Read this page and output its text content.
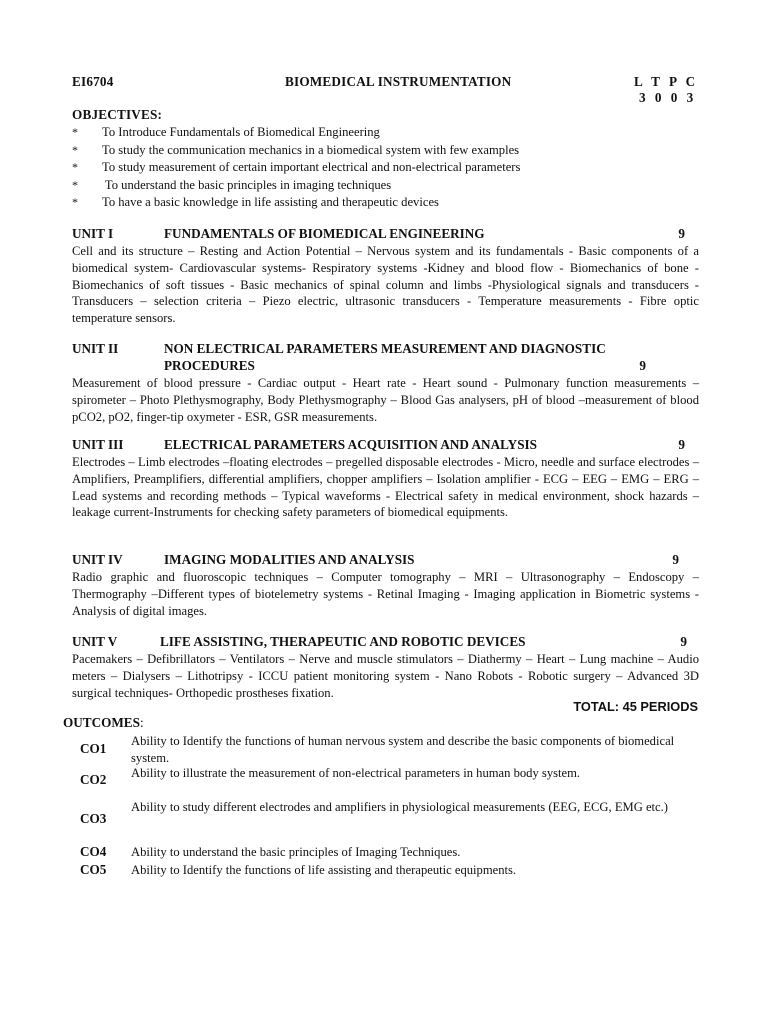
EI6704	BIOMEDICAL INSTRUMENTATION	L T P C
3 0 0 3
OBJECTIVES:
* To Introduce Fundamentals of Biomedical Engineering
* To study the communication mechanics in a biomedical system with few examples
* To study measurement of certain important electrical and non-electrical parameters
* To understand the basic principles in imaging techniques
* To have a basic knowledge in life assisting and therapeutic devices
UNIT I	FUNDAMENTALS OF BIOMEDICAL ENGINEERING	9

Cell and its structure – Resting and Action Potential – Nervous system and its fundamentals - Basic components of a biomedical system- Cardiovascular systems- Respiratory systems -Kidney and blood flow - Biomechanics of bone - Biomechanics of soft tissues - Basic mechanics of spinal column and limbs -Physiological signals and transducers - Transducers – selection criteria – Piezo electric, ultrasonic transducers - Temperature measurements - Fibre optic temperature sensors.

UNIT II	NON ELECTRICAL PARAMETERS MEASUREMENT AND DIAGNOSTIC
PROCEDURES	9

Measurement of blood pressure - Cardiac output - Heart rate - Heart sound - Pulmonary function measurements – spirometer – Photo Plethysmography, Body Plethysmography – Blood Gas analysers, pH of blood –measurement of blood pCO2, pO2, finger-tip oxymeter - ESR, GSR measurements.

UNIT III	ELECTRICAL PARAMETERS ACQUISITION AND ANALYSIS	9

Electrodes – Limb electrodes –floating electrodes – pregelled disposable electrodes - Micro, needle and surface electrodes – Amplifiers, Preamplifiers, differential amplifiers, chopper amplifiers – Isolation amplifier - ECG – EEG – EMG – ERG – Lead systems and recording methods – Typical waveforms - Electrical safety in medical environment, shock hazards – leakage current-Instruments for checking safety parameters of biomedical equipments.

UNIT IV	IMAGING MODALITIES AND ANALYSIS	9

Radio graphic and fluoroscopic techniques – Computer tomography – MRI – Ultrasonography – Endoscopy – Thermography –Different types of biotelemetry systems - Retinal Imaging - Imaging application in Biometric systems - Analysis of digital images.

UNIT V	LIFE ASSISTING, THERAPEUTIC AND ROBOTIC DEVICES	9

Pacemakers – Defibrillators – Ventilators – Nerve and muscle stimulators – Diathermy – Heart – Lung machine – Audio meters – Dialysers – Lithotripsy - ICCU patient monitoring system - Nano Robots - Robotic surgery – Advanced 3D surgical techniques- Orthopedic prostheses fixation.

TOTAL: 45 PERIODS
OUTCOMES:
CO1 Ability to Identify the functions of human nervous system and describe the basic components of biomedical system.
CO2 Ability to illustrate the measurement of non-electrical parameters in human body system.
CO3
Ability to study different electrodes and amplifiers in physiological measurements (EEG, ECG, EMG etc.)
CO4 Ability to understand the basic principles of Imaging Techniques.
CO5 Ability to Identify the functions of life assisting and therapeutic equipments.
